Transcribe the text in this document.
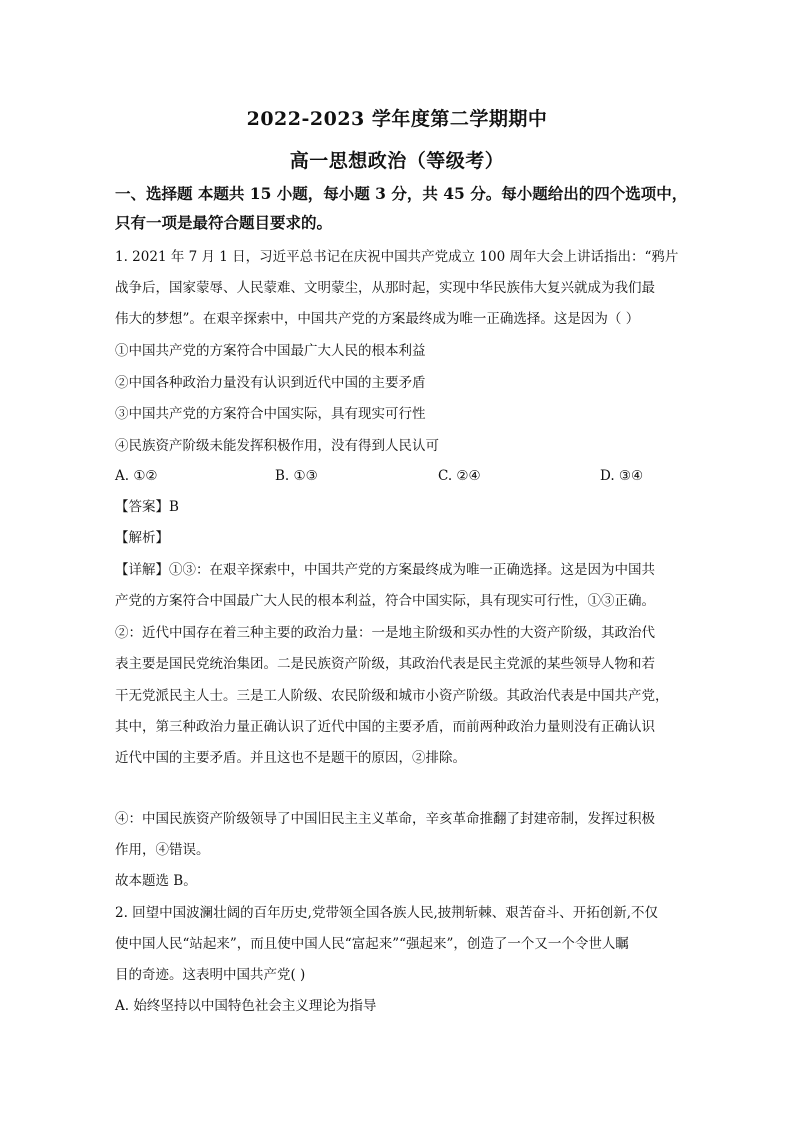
2022-2023 学年度第二学期期中
高一思想政治（等级考）
一、选择题 本题共 15 小题，每小题 3 分，共 45 分。每小题给出的四个选项中，
只有一项是最符合题目要求的。
1. 2021 年 7 月 1 日，习近平总书记在庆祝中国共产党成立 100 周年大会上讲话指出：“鸦片
战争后，国家蒙辱、人民蒙难、文明蒙尘，从那时起，实现中华民族伟大复兴就成为我们最
伟大的梦想”。在艰辛探索中，中国共产党的方案最终成为唯一正确选择。这是因为（ ）
①中国共产党的方案符合中国最广大人民的根本利益
②中国各种政治力量没有认识到近代中国的主要矛盾
③中国共产党的方案符合中国实际，具有现实可行性
④民族资产阶级未能发挥积极作用，没有得到人民认可
A. ①②	B. ①③	C. ②④	D. ③④
【答案】B
【解析】
【详解】①③：在艰辛探索中，中国共产党的方案最终成为唯一正确选择。这是因为中国共
产党的方案符合中国最广大人民的根本利益，符合中国实际，具有现实可行性，①③正确。
②：近代中国存在着三种主要的政治力量：一是地主阶级和买办性的大资产阶级，其政治代
表主要是国民党统治集团。二是民族资产阶级，其政治代表是民主党派的某些领导人物和若
干无党派民主人士。三是工人阶级、农民阶级和城市小资产阶级。其政治代表是中国共产党，
其中，第三种政治力量正确认识了近代中国的主要矛盾，而前两种政治力量则没有正确认识
近代中国的主要矛盾。并且这也不是题干的原因，②排除。
④：中国民族资产阶级领导了中国旧民主主义革命，辛亥革命推翻了封建帝制，发挥过积极
作用，④错误。
故本题选 B。
2. 回望中国波澜壮阔的百年历史,党带领全国各族人民,披荆斩棘、艰苦奋斗、开拓创新,不仅
使中国人民“站起来”，而且使中国人民“富起来”“强起来”，创造了一个又一个令世人瞩
目的奇迹。这表明中国共产党( )
A. 始终坚持以中国特色社会主义理论为指导
